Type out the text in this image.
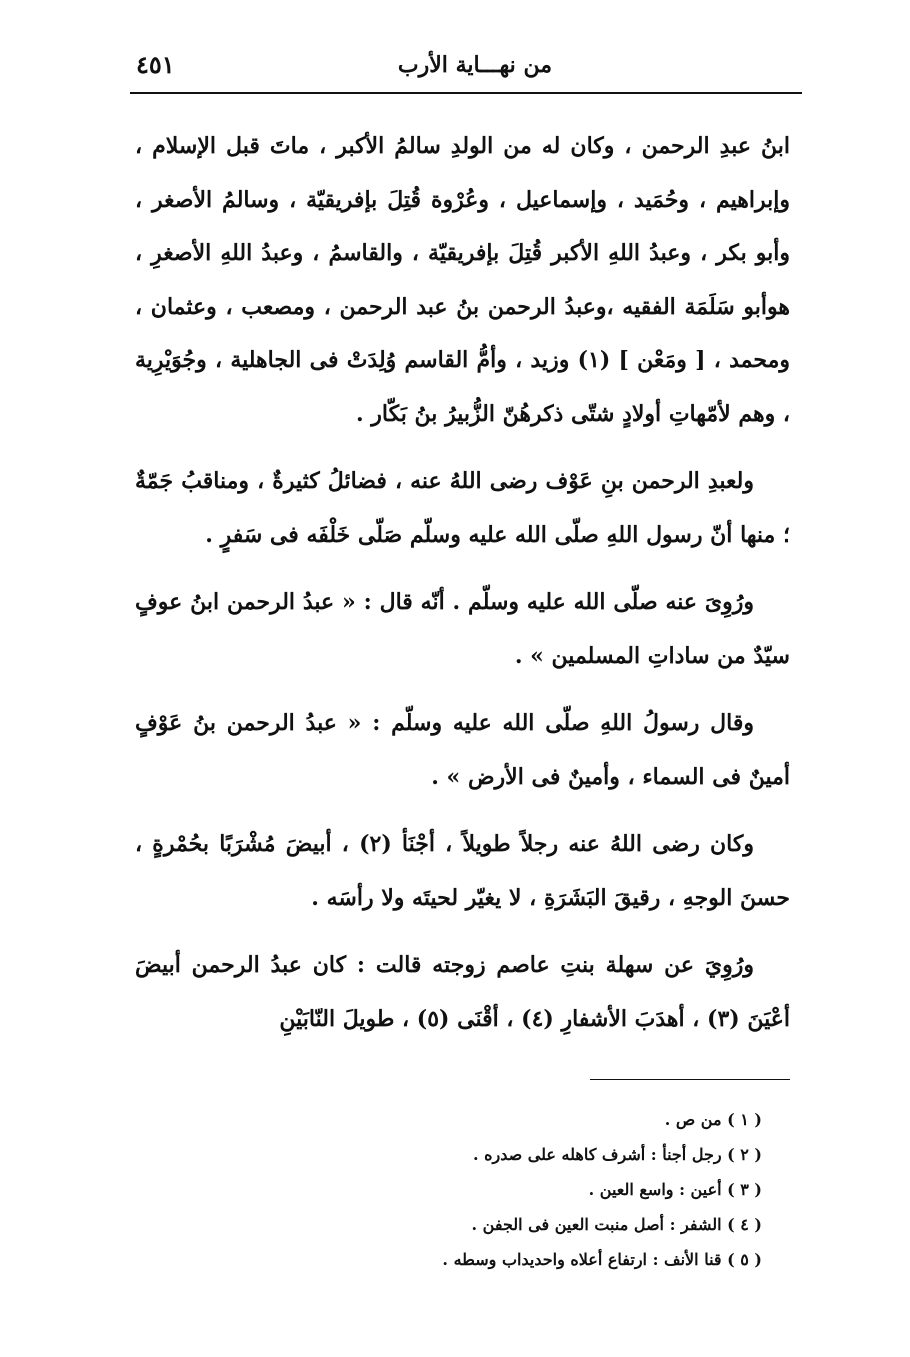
من نهـــاية الأرب
٤٥١

ابنُ عبدِ الرحمن ، وكان له من الولدِ سالمُ الأكبر ، ماتَ قبل الإسلام ، وإبراهيم ، وحُمَيد ، وإسماعيل ، وعُرْوة قُتِلَ بإفريقيّة ، وسالمُ الأصغر ، وأبو بكر ، وعبدُ اللهِ الأكبر قُتِلَ بإفريقيّة ، والقاسمُ ، وعبدُ اللهِ الأصغرِ ، هوأبو سَلَمَة الفقيه ،وعبدُ الرحمن بنُ عبد الرحمن ، ومصعب ، وعثمان ، ومحمد ، [ ومَعْن ] (١) وزيد ، وأمُّ القاسم وُلِدَتْ فى الجاهلية ، وجُوَيْرِية ، وهم لأمّهاتِ أولادٍ شتّى ذكرهُنّ الزُّبيرُ بنُ بَكّار .

ولعبدِ الرحمن بنِ عَوْف رضى اللهُ عنه ، فضائلُ كثيرةٌ ، ومناقبُ جَمّةٌ ؛ منها أنّ رسول اللهِ صلّى الله عليه وسلّم صَلّى خَلْفَه فى سَفرٍ .

ورُوِىَ عنه صلّى الله عليه وسلّم . أنّه قال : « عبدُ الرحمن ابنُ عوفٍ سيّدٌ من ساداتِ المسلمين » .

وقال رسولُ اللهِ صلّى الله عليه وسلّم : « عبدُ الرحمن بنُ عَوْفٍ أمينٌ فى السماء ، وأمينٌ فى الأرض » .

وكان رضى اللهُ عنه رجلاً طويلاً ، أجْنَأ (٢) ، أبيضَ مُشْرَبًا بحُمْرةٍ ، حسنَ الوجهِ ، رقيقَ البَشَرَةِ ، لا يغيّر لحيتَه ولا رأسَه .

ورُوِيَ عن سهلة بنتِ عاصم زوجته قالت : كان عبدُ الرحمن أبيضَ أعْيَنَ (٣) ، أهدَبَ الأشفارِ (٤) ، أقْنَى (٥) ، طويلَ النّابَيْنِ

( ١ ) من ص .
( ٢ ) رجل أجنأ : أشرف كاهله على صدره .
( ٣ ) أعين : واسع العين .
( ٤ ) الشفر : أصل منبت العين فى الجفن .
( ٥ ) قنا الأنف : ارتفاع أعلاه واحديداب وسطه .
